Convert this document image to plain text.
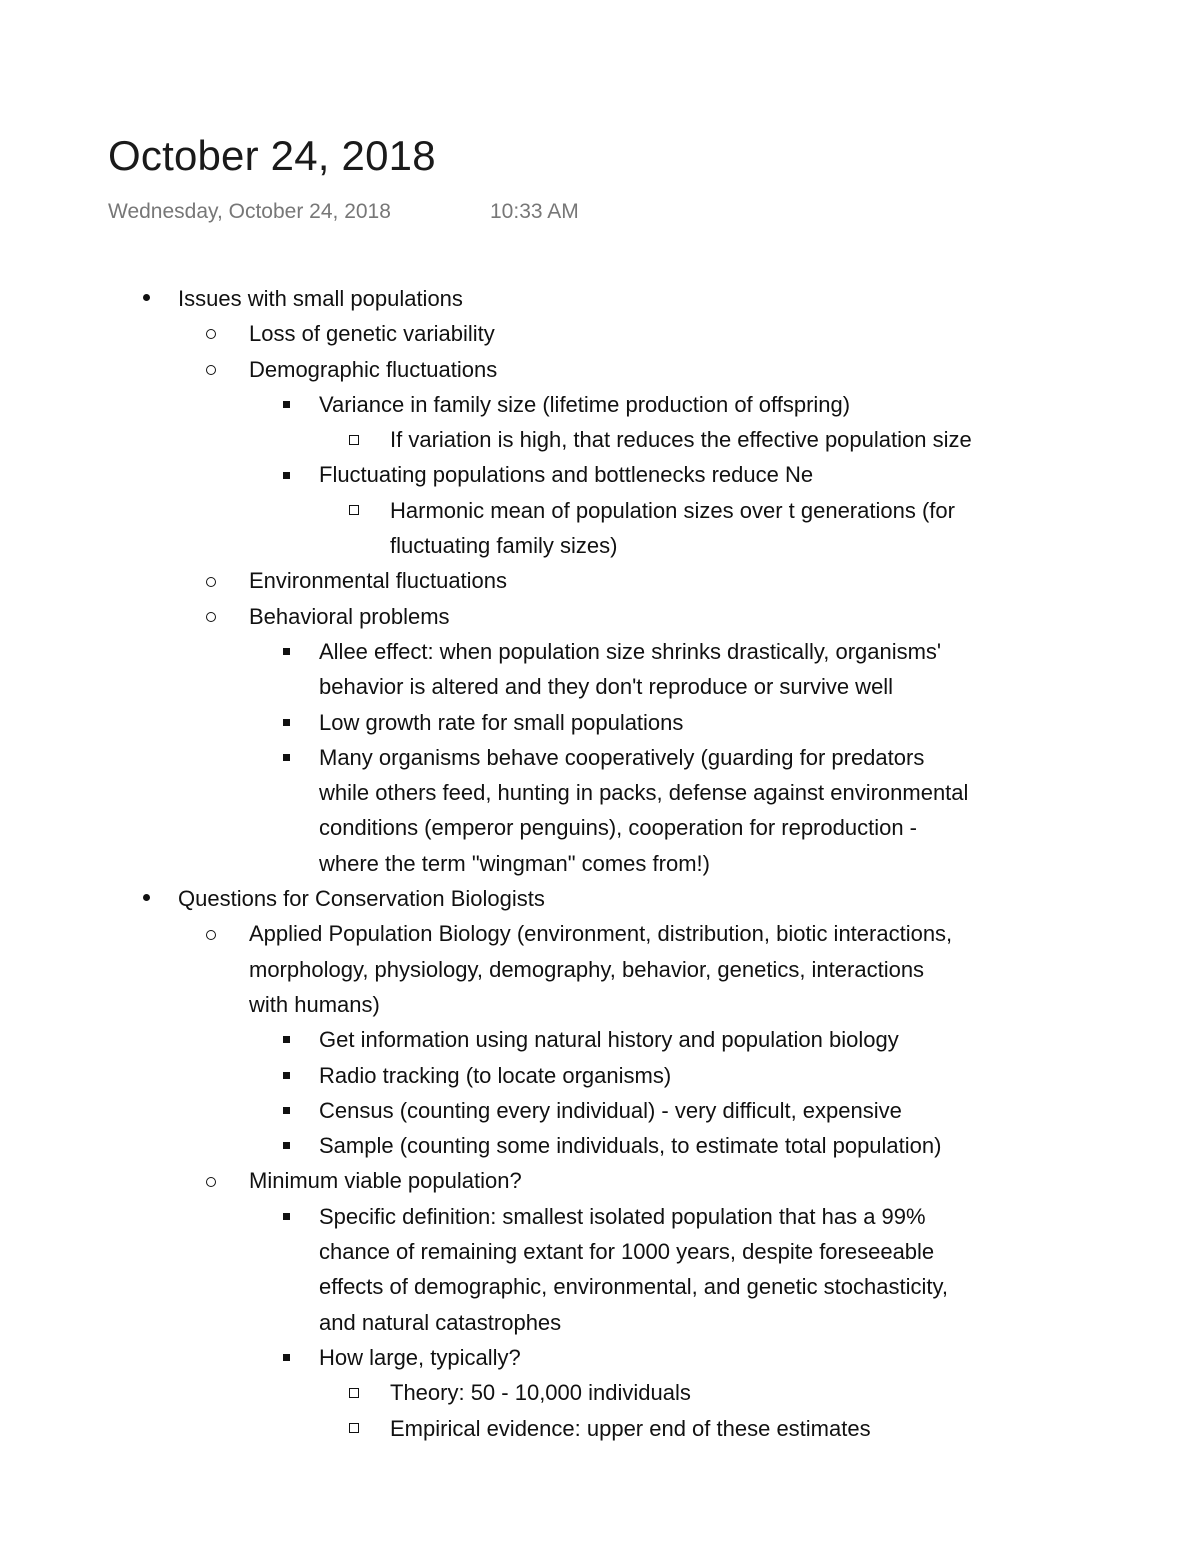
October 24, 2018
Wednesday, October 24, 2018	10:33 AM
Issues with small populations
Loss of genetic variability
Demographic fluctuations
Variance in family size (lifetime production of offspring)
If variation is high, that reduces the effective population size
Fluctuating populations and bottlenecks reduce Ne
Harmonic mean of population sizes over t generations (for
fluctuating family sizes)
Environmental fluctuations
Behavioral problems
Allee effect: when population size shrinks drastically, organisms'
behavior is altered and they don't reproduce or survive well
Low growth rate for small populations
Many organisms behave cooperatively (guarding for predators
while others feed, hunting in packs, defense against environmental
conditions (emperor penguins), cooperation for reproduction -
where the term "wingman" comes from!)
Questions for Conservation Biologists
Applied Population Biology (environment, distribution, biotic interactions,
morphology, physiology, demography, behavior, genetics, interactions
with humans)
Get information using natural history and population biology
Radio tracking (to locate organisms)
Census (counting every individual) - very difficult, expensive
Sample (counting some individuals, to estimate total population)
Minimum viable population?
Specific definition: smallest isolated population that has a 99%
chance of remaining extant for 1000 years, despite foreseeable
effects of demographic, environmental, and genetic stochasticity,
and natural catastrophes
How large, typically?
Theory: 50 - 10,000 individuals
Empirical evidence: upper end of these estimates
